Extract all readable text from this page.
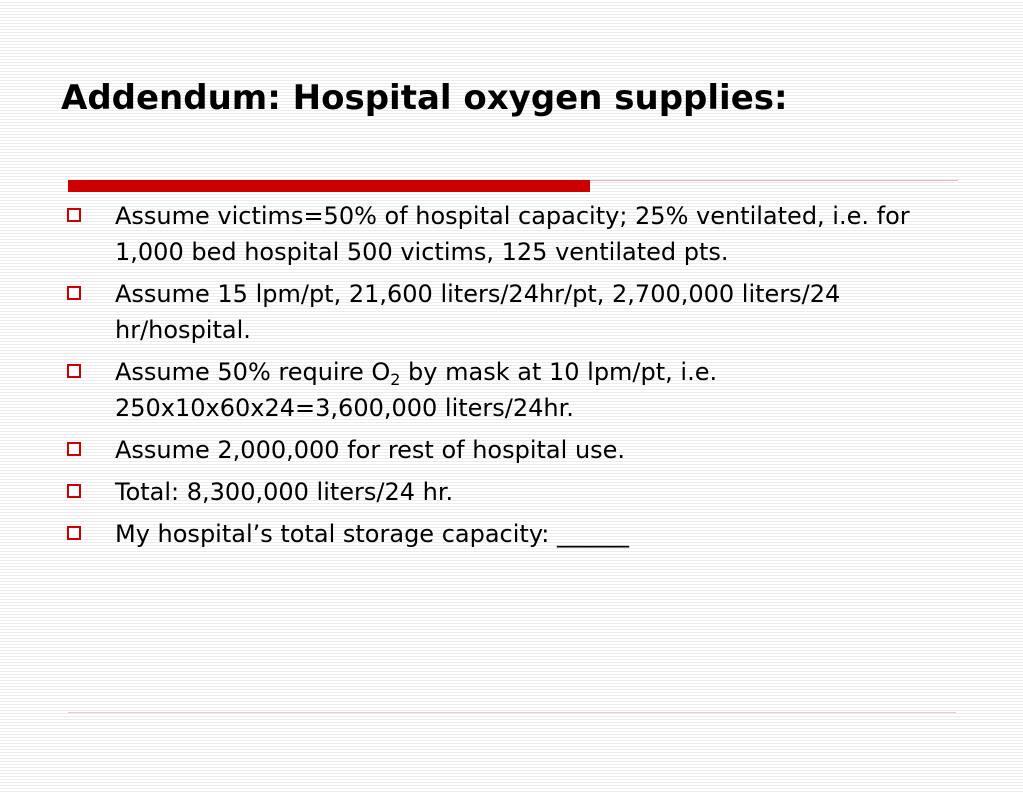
Addendum: Hospital oxygen supplies:
Assume victims=50% of hospital capacity; 25% ventilated, i.e. for 1,000 bed hospital 500 victims, 125 ventilated pts.
Assume 15 lpm/pt, 21,600 liters/24hr/pt, 2,700,000 liters/24 hr/hospital.
Assume 50% require $O_2$ by mask at 10 lpm/pt, i.e. 250x10x60x24=3,600,000 liters/24hr.
Assume 2,000,000 for rest of hospital use.
Total: 8,300,000 liters/24 hr.
My hospital’s total storage capacity: ______
